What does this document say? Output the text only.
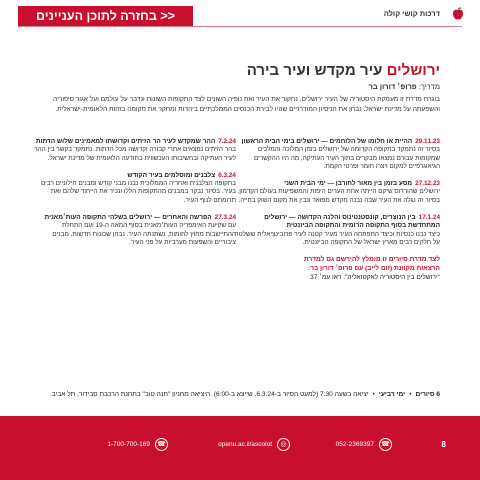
<< בחזרה לתוכן העניינים	דרכות קושי קולה
ירושלים עיר מקדש ועיר בירה
מדריך: פרופ׳ דורון בר
בוגרת מדרת זו מעמקת היסטוריה של העיר ירושלים. נחקור את העיר ואת נופיה השונים לצד התקופות השונות ונדבר על עולמם ועל אגור סיפוריה והשפעתה על מדינת ישראל. נבחן את הניסיון המודרניים שהיו לבירת הכנסים הממלכתיים ביהדות ומחקר את מקומה בזהות הלאומית-ישראלית.
29.11.23ההיית או חלומו של הלוחמים — ירושלים בימי הבית הראשון
בסיור זה נתמקד בתקופה הקדומה של ירושלים בזמן המלוכה והמלכים שמקומות עבורם נמצאו מבקרים בתוך העיר העתיקה, מה היו ההקשרים הגיאוגרפיים למקום ויצרו חומר ופרטי הקמת.
27.12.23מסע בזמן בין מאור לחורבן — ימי הבית השני
ירושלים שהורדוס שיקם הייתה אחת הערים היפות והמשפיעות בעולם הקדמון. בסיור זה נגלה את העיר שבה נבנה מקדש מפואר ונבין את מקום השוק בחייה.
17.1.24בין הנוצרים, קונסטנטינוס והלנה הקדושה — ירושלים המתחדשת בסוף התקופה הרומית והתקופה הביזנטית
כיצד נבנו כנסיות וכיצד התפתחה העיר מעיר קטנה לעיר פרובינציאלית ששלטה על חלקים רבים מארץ ישראל של התקופה הביזנטית.
לצד מדרת סיורים זו מומלץ להירשם גם למדרת
הרצאות מקוונת (זום לייב) עם פרופ׳ דורון בר:
"ירושלים בין היסטוריה לאקטואליה". ראו עמ׳ 37
7.2.24ההר שמקדש לעיר הר הזיתים וקדושתו למאמינים שלוש הדתות
בהר הזיתים נמצאים אתרי קבורה וקדושה מכל הדתות. נתמקד בקשר בין ההר לעיר העתיקה ובחשיבותו העכשווית בתודעה הלאומית של מדינת ישראל.
6.3.24צלבנים ומוסלמים בעיר הקודש
בתקופה הצלבנית ואחריה הממלוכית נבנו מבני קודש ומבנים חילוניים רבים בעיר. בסיור נבקר במבנים מהתקופות הללו ונכיר את הייחוד שלהם ואת תרומתם לנוף העיר.
27.3.24הפרשה והאחרים — ירושלים בשלהי התקופה העות׳מאנית
עם שקיעת האימפריה העות׳מאנית בסוף המאה ה-19 ועם התחלת ההתיישבות מחוץ לחומות, נשתנתה העיר. נבחן שכונות חדשות, מבנים ציבוריים והשפעות מערביות על פני העיר.
6 סיורים
•
ימי רביעי
•
יציאה בשעה 7:30 (למעט הסיור ב-6.3.24, שייצא ב-6:00). היציאה מחניון "תנה טוב" בתחנת הרכבת סבידור, תל אביב.
8
052-2369397	☎
openu.ac.il/ascolot	◎
1-700-700-169	☎
